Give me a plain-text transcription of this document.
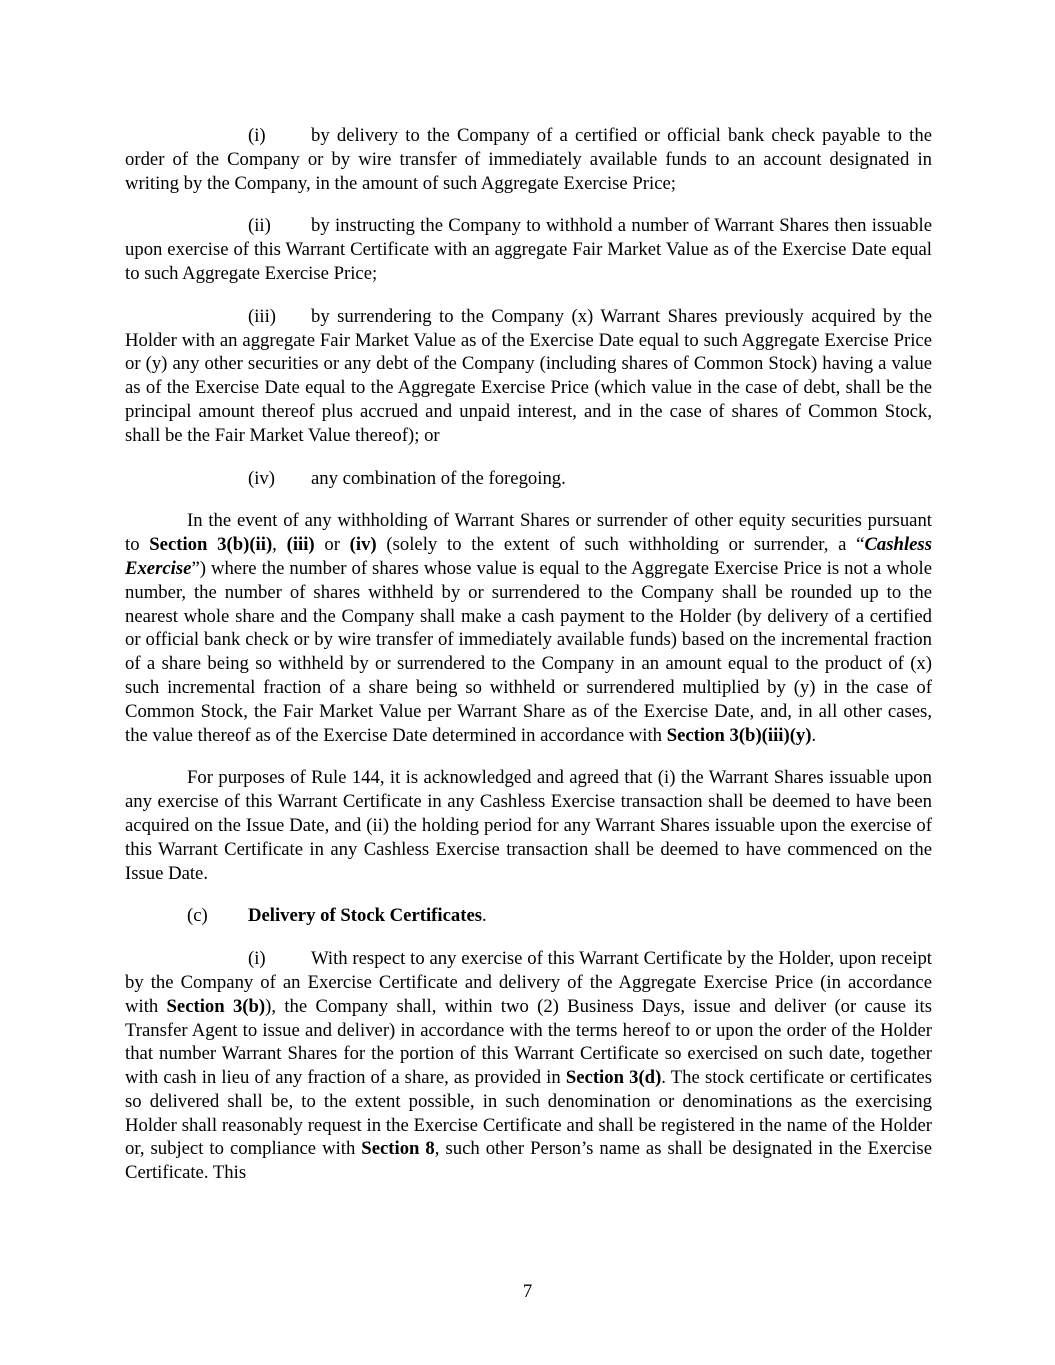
(i) by delivery to the Company of a certified or official bank check payable to the order of the Company or by wire transfer of immediately available funds to an account designated in writing by the Company, in the amount of such Aggregate Exercise Price;

(ii) by instructing the Company to withhold a number of Warrant Shares then issuable upon exercise of this Warrant Certificate with an aggregate Fair Market Value as of the Exercise Date equal to such Aggregate Exercise Price;

(iii) by surrendering to the Company (x) Warrant Shares previously acquired by the Holder with an aggregate Fair Market Value as of the Exercise Date equal to such Aggregate Exercise Price or (y) any other securities or any debt of the Company (including shares of Common Stock) having a value as of the Exercise Date equal to the Aggregate Exercise Price (which value in the case of debt, shall be the principal amount thereof plus accrued and unpaid interest, and in the case of shares of Common Stock, shall be the Fair Market Value thereof); or

(iv) any combination of the foregoing.

In the event of any withholding of Warrant Shares or surrender of other equity securities pursuant to Section 3(b)(ii), (iii) or (iv) (solely to the extent of such withholding or surrender, a “Cashless Exercise”) where the number of shares whose value is equal to the Aggregate Exercise Price is not a whole number, the number of shares withheld by or surrendered to the Company shall be rounded up to the nearest whole share and the Company shall make a cash payment to the Holder (by delivery of a certified or official bank check or by wire transfer of immediately available funds) based on the incremental fraction of a share being so withheld by or surrendered to the Company in an amount equal to the product of (x) such incremental fraction of a share being so withheld or surrendered multiplied by (y) in the case of Common Stock, the Fair Market Value per Warrant Share as of the Exercise Date, and, in all other cases, the value thereof as of the Exercise Date determined in accordance with Section 3(b)(iii)(y).

For purposes of Rule 144, it is acknowledged and agreed that (i) the Warrant Shares issuable upon any exercise of this Warrant Certificate in any Cashless Exercise transaction shall be deemed to have been acquired on the Issue Date, and (ii) the holding period for any Warrant Shares issuable upon the exercise of this Warrant Certificate in any Cashless Exercise transaction shall be deemed to have commenced on the Issue Date.

(c) Delivery of Stock Certificates.

(i) With respect to any exercise of this Warrant Certificate by the Holder, upon receipt by the Company of an Exercise Certificate and delivery of the Aggregate Exercise Price (in accordance with Section 3(b)), the Company shall, within two (2) Business Days, issue and deliver (or cause its Transfer Agent to issue and deliver) in accordance with the terms hereof to or upon the order of the Holder that number Warrant Shares for the portion of this Warrant Certificate so exercised on such date, together with cash in lieu of any fraction of a share, as provided in Section 3(d). The stock certificate or certificates so delivered shall be, to the extent possible, in such denomination or denominations as the exercising Holder shall reasonably request in the Exercise Certificate and shall be registered in the name of the Holder or, subject to compliance with Section 8, such other Person’s name as shall be designated in the Exercise Certificate. This

7
